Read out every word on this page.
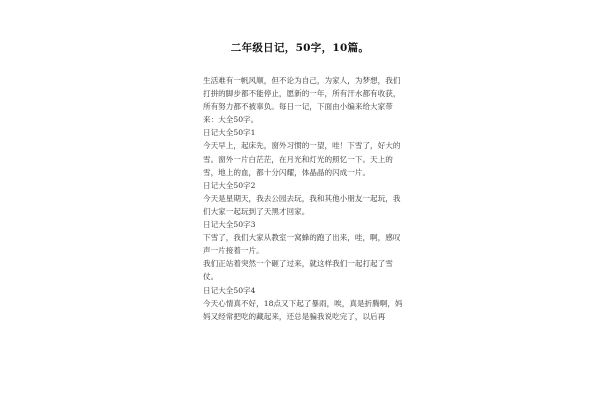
二年级日记，50字，10篇。

生活难有一帆风顺，但不论为自己，为家人，为梦想，我们打拼的脚步都不能停止，愿新的一年，所有汗水都有收获，所有努力都不被辜负。每日一记，下面由小编来给大家带来：大全50字。

日记大全50字1

今天早上，起床先，窗外习惯的一望，哇！下雪了，好大的雪。窗外一片白茫茫，在月光和灯光的照忆一下。天上的雪，地上的血，都十分闪耀，体晶晶的闪成一片。

日记大全50字2

今天是星期天，我去公园去玩，我和其他小朋友一起玩，我们大家一起玩到了天黑才回家。

日记大全50字3

下雪了，我们大家从教室一窝蜂的跑了出来，哇，啊，感叹声一片接着一片。

我们正站着突然一个砸了过来，就这样我们一起打起了雪仗。

日记大全50字4

今天心情真不好，18点又下起了暴雨，唉，真是折腾啊，妈妈又经常把吃的藏起来，还总是骗我说吃完了，以后再
